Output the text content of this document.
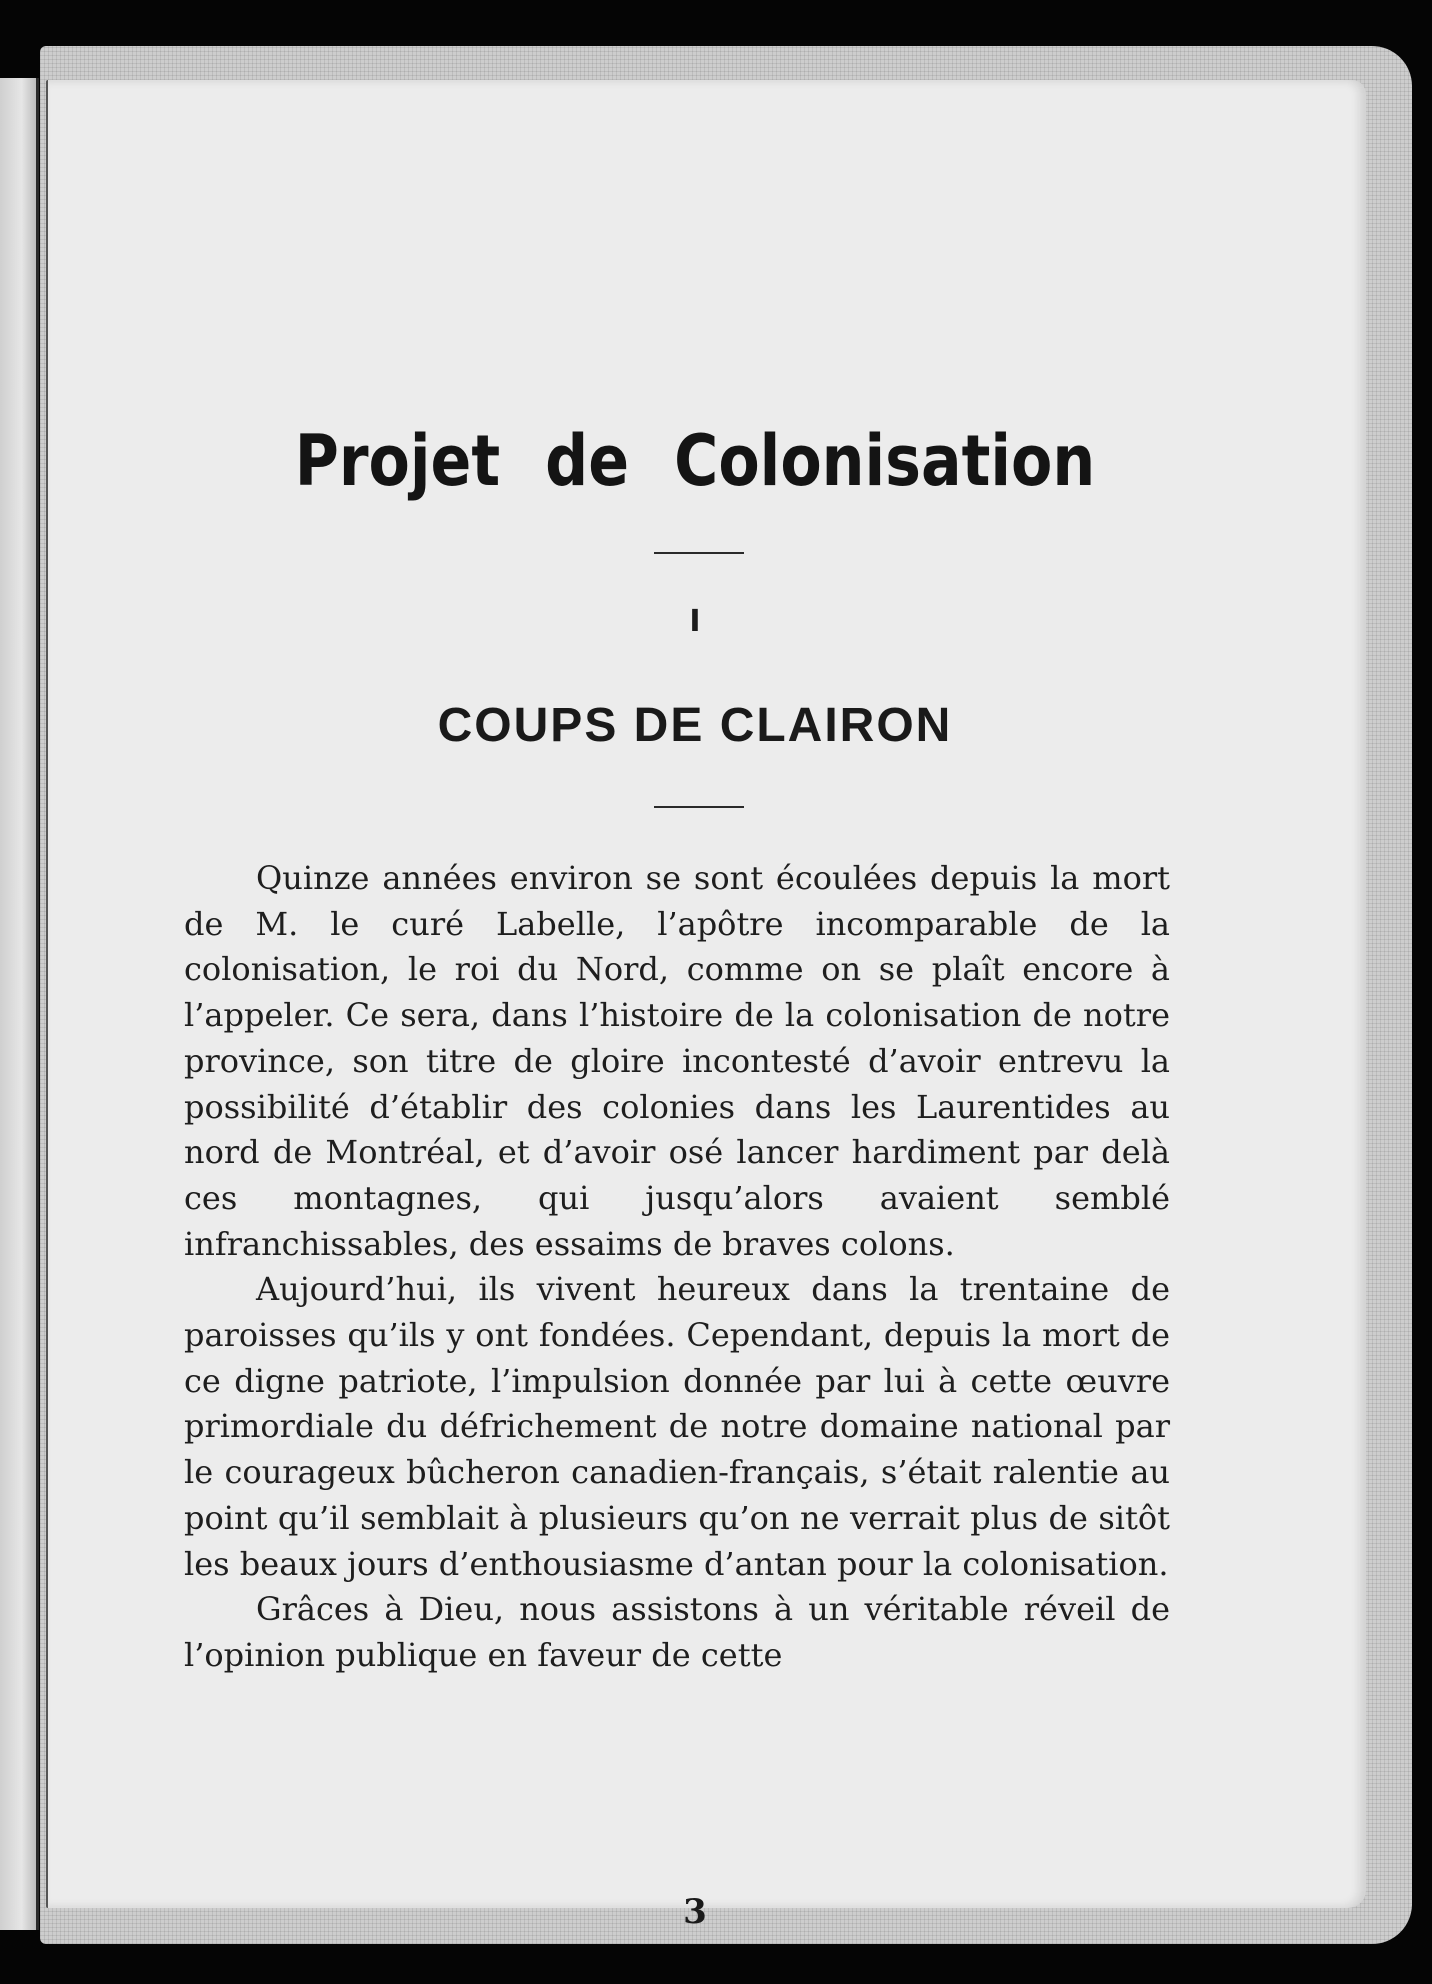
Projet de Colonisation
I
COUPS DE CLAIRON

Quinze années environ se sont écoulées depuis la mort de M. le curé Labelle, l’apôtre incomparable de la colonisation, le roi du Nord, comme on se plaît encore à l’appeler. Ce sera, dans l’histoire de la colonisation de notre province, son titre de gloire incontesté d’avoir entrevu la possibilité d’établir des colonies dans les Laurentides au nord de Montréal, et d’avoir osé lancer hardiment par delà ces montagnes, qui jusqu’alors avaient semblé infranchissables, des essaims de braves colons.

Aujourd’hui, ils vivent heureux dans la trentaine de paroisses qu’ils y ont fondées. Cependant, depuis la mort de ce digne patriote, l’impulsion donnée par lui à cette œuvre primordiale du défrichement de notre domaine national par le courageux bûcheron canadien-français, s’était ralentie au point qu’il semblait à plusieurs qu’on ne verrait plus de sitôt les beaux jours d’enthousiasme d’antan pour la colonisation.

Grâces à Dieu, nous assistons à un véritable réveil de l’opinion publique en faveur de cette

3
